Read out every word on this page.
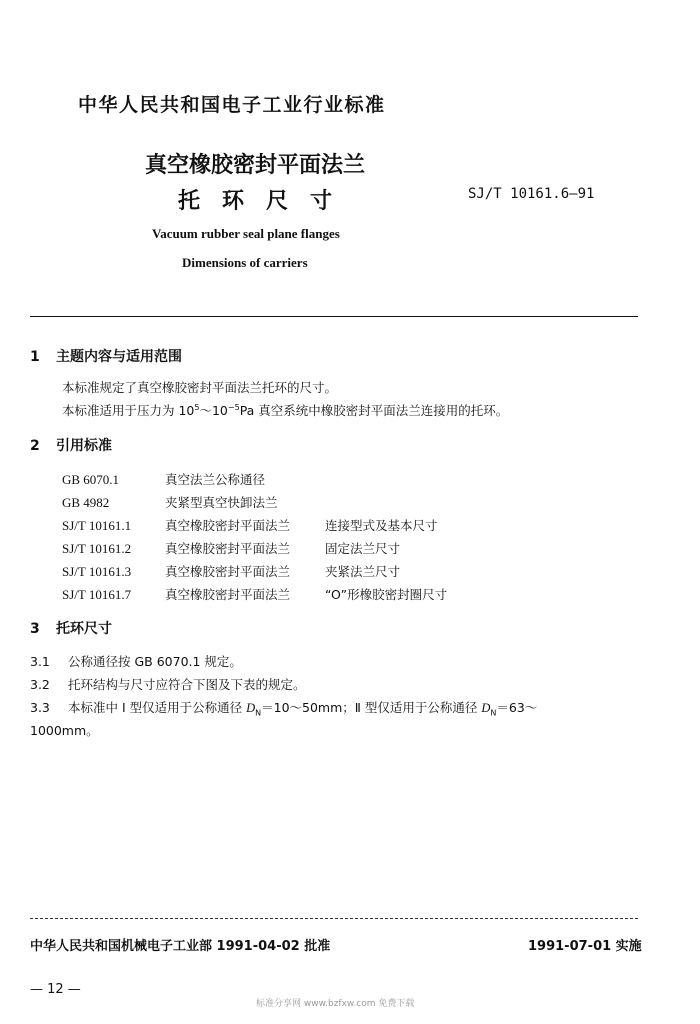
中华人民共和国电子工业行业标准
真空橡胶密封平面法兰
托环尺寸	SJ/T 10161.6—91
Vacuum rubber seal plane flanges
Dimensions of carriers
1 主题内容与适用范围
本标准规定了真空橡胶密封平面法兰托环的尺寸。
本标准适用于压力为 $10^5\sim 10^{-5}Pa$ 真空系统中橡胶密封平面法兰连接用的托环。
2 引用标准
GB 6070.1	真空法兰公称通径
GB 4982	夹紧型真空快卸法兰
SJ/T 10161.1	真空橡胶密封平面法兰	连接型式及基本尺寸
SJ/T 10161.2	真空橡胶密封平面法兰	固定法兰尺寸
SJ/T 10161.3	真空橡胶密封平面法兰	夹紧法兰尺寸
SJ/T 10161.7	真空橡胶密封平面法兰	“O”形橡胶密封圈尺寸
3 托环尺寸
3.1 公称通径按 GB 6070.1 规定。
3.2 托环结构与尺寸应符合下图及下表的规定。
3.3 本标准中 Ⅰ 型仅适用于公称通径 $D_N=10\sim 50mm$；Ⅱ 型仅适用于公称通径 $D_N=63\sim$
1000mm。
中华人民共和国机械电子工业部 1991-04-02 批准	1991-07-01 实施
— 12 —
标准分享网 www.bzfxw.com 免费下载
